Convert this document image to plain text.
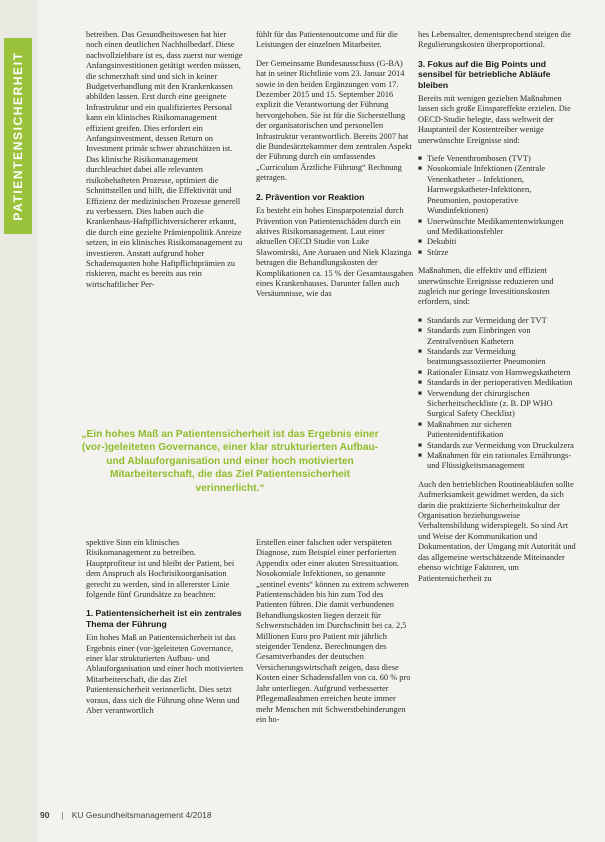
PATIENTENSICHERHEIT

betreiben. Das Gesundheitswesen hat hier noch einen deutlichen Nachholbedarf. Diese nachvollziehbare ist es, dass zuerst nur wenige Anfangsinvestitionen getätigt werden müssen, die schmerzhaft sind und sich in keiner Budgetverhandlung mit den Krankenkassen abbilden lassen. Erst durch eine geeignete Infrastruktur und ein qualifiziertes Personal kann ein klinisches Risikomanagement effizient greifen. Dies erfordert ein Anfangsinvestment, dessen Return on Investment primär schwer abzuschätzen ist. Das klinische Risikomanagement durchleuchtet dabei alle relevanten risikobehafteten Prozesse, optimiert die Schnittstellen und hilft, die Effektivität und Effizienz der medizinischen Prozesse generell zu verbessern. Dies haben auch die Krankenhaus-Haftpflichtversicherer erkannt, die durch eine gezielte Prämienpolitik Anreize setzen, in ein klinisches Risikomanagement zu investieren. Anstatt aufgrund hoher Schadensquoten hohe Haftpflichtprämien zu riskieren, macht es bereits aus rein wirtschaftlicher Per-

spektive Sinn ein klinisches Risikomanagement zu betreiben. Hauptprofiteur ist und bleibt der Patient, bei dem Anspruch als Hochrisikoorganisation gerecht zu werden, sind in allererster Linie folgende fünf Grundsätze zu beachten:

1. Patientensicherheit ist ein zentrales Thema der Führung

Ein hohes Maß an Patientensicherheit ist das Ergebnis einer (vor-)geleiteten Governance, einer klar strukturierten Aufbau- und Ablauforganisation und einer hoch motivierten Mitarbeiterschaft, die das Ziel Patientensicherheit verinnerlicht. Dies setzt voraus, dass sich die Führung ohne Wenn und Aber verantwortlich

fühlt für das Patientenoutcome und für die Leistungen der einzelnen Mitarbeiter.

Der Gemeinsame Bundesausschuss (G-BA) hat in seiner Richtlinie vom 23. Januar 2014 sowie in den beiden Ergänzungen vom 17. Dezember 2015 und 15. September 2016 explizit die Verantwortung der Führung hervorgehoben. Sie ist für die Sicherstellung der organisatorischen und personellen Infrastruktur verantwortlich. Bereits 2007 hat die Bundesärztekammer dem zentralen Aspekt der Führung durch ein umfassendes „Curriculum Ärztliche Führung“ Rechnung getragen.

2. Prävention vor Reaktion

Es besteht ein hohes Einsparpotenzial durch Prävention von Patientenschäden durch ein aktives Risikomanagement. Laut einer aktuellen OECD Studie von Luke Slawomirski, Ane Auraaen und Niek Klazinga betragen die Behandlungskosten der Komplikationen ca. 15 % der Gesamtausgaben eines Krankenhauses. Darunter fallen auch Versäumnisse, wie das

Erstellen einer falschen oder verspäteten Diagnose, zum Beispiel einer perforierten Appendix oder einer akuten Stressituation. Nosokomiale Infektionen, so genannte „sentinel events“ können zu extrem schweren Patientenschäden bis hin zum Tod des Patienten führen. Die damit verbundenen Behandlungskosten liegen derzeit für Schwerstschäden im Durchschnitt bei ca. 2,5 Millionen Euro pro Patient mit jährlich steigender Tendenz. Berechnungen des Gesamtverbandes der deutschen Versicherungswirtschaft zeigen, dass diese Kosten einer Schadensfallen von ca. 60 % pro Jahr unterliegen. Aufgrund verbesserter Pflegemaßnahmen erreichen heute immer mehr Menschen mit Schwerstbehinderungen ein ho-

hes Lebensalter, dementsprechend steigen die Regulierungskosten überproportional.

3. Fokus auf die Big Points und sensibel für betriebliche Abläufe bleiben

Bereits mit wenigen gezielten Maßnahmen lassen sich große Einspareffekte erzielen. Die OECD-Studie belegte, dass weltweit der Hauptanteil der Kostentreiber wenige unerwünschte Ereignisse sind:

■ Tiefe Venenthrombosen (TVT)
■ Nosokomiale Infektionen (Zentrale Venenkatheter – Infektionen, Harnwegskatheter-Infektionen, Pneumonien, postoperative Wundinfektionen)
■ Unerwünschte Medikamentenwirkungen und Medikationsfehler
■ Dekubiti
■ Stürze

Maßnahmen, die effektiv und effizient unerwünschte Ereignisse reduzieren und zugleich nur geringe Investitionskosten erfordern, sind:

■ Standards zur Vermeidung der TVT
■ Standards zum Einbringen von Zentralvenösen Kathetern
■ Standards zur Vermeidung beatmungsassoziierter Pneumonien
■ Rationaler Einsatz von Harnwegskathetern
■ Standards in der perioperativen Medikation
■ Verwendung der chirurgischen Sicherheitscheckliste (z. B. DP WHO Surgical Safety Checklist)
■ Maßnahmen zur sicheren Patientenidentifikation
■ Standards zur Vermeidung von Druckulzera
■ Maßnahmen für ein rationales Ernährungs- und Flüssigkeitsmanagement

Auch den betrieblichen Routineabläufen sollte Aufmerksamkeit gewidmet werden, da sich darin die praktizierte Sicherheitskultur der Organisation beziehungsweise Verhaltensbildung widerspiegelt. So sind Art und Weise der Kommunikation und Dokumentation, der Umgang mit Autorität und das allgemeine wertschätzende Miteinander ebenso wichtige Faktoren, um Patientensicherheit zu

„Ein hohes Maß an Patientensicherheit ist das Ergebnis einer (vor-)geleiteten Governance, einer klar strukturierten Aufbau- und Ablauforganisation und einer hoch motivierten Mitarbeiterschaft, die das Ziel Patientensicherheit verinnerlicht.“
90 | KU Gesundheitsmanagement 4/2018
